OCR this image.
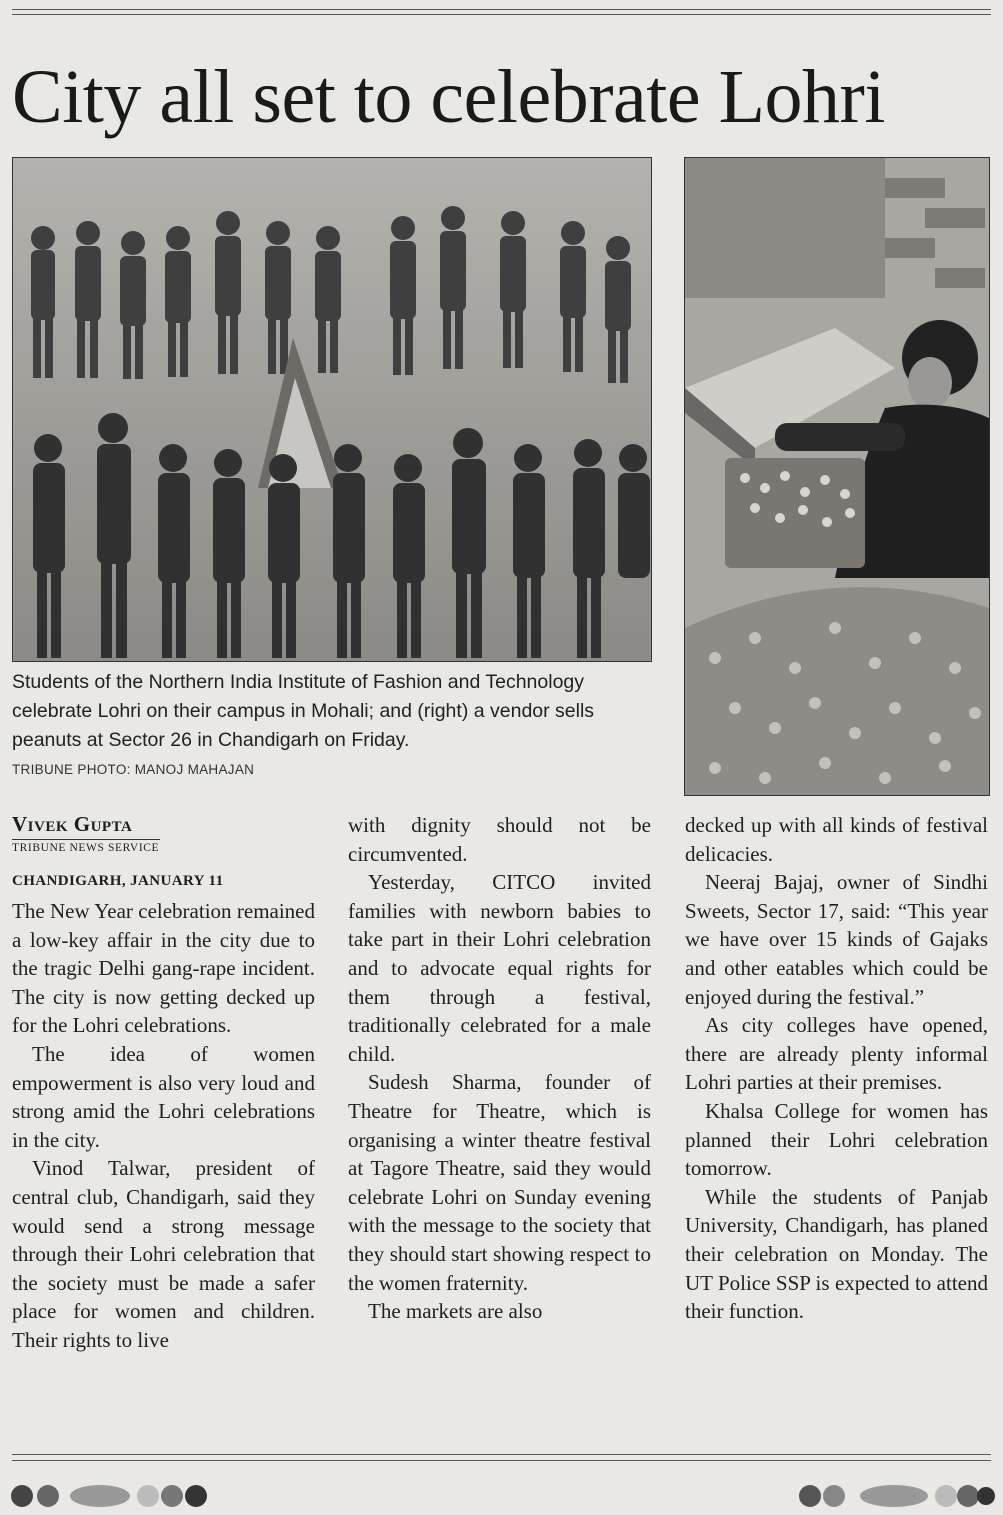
City all set to celebrate Lohri
Students of the Northern India Institute of Fashion and Technology celebrate Lohri on their campus in Mohali; and (right) a vendor sells peanuts at Sector 26 in Chandigarh on Friday.
TRIBUNE PHOTO: MANOJ MAHAJAN
Vivek Gupta
TRIBUNE NEWS SERVICE
CHANDIGARH, JANUARY 11

The New Year celebration remained a low-key affair in the city due to the tragic Delhi gang-rape incident. The city is now getting decked up for the Lohri celebrations.

The idea of women empowerment is also very loud and strong amid the Lohri celebrations in the city.

Vinod Talwar, president of central club, Chandigarh, said they would send a strong message through their Lohri celebration that the society must be made a safer place for women and children. Their rights to live

with dignity should not be circumvented.

Yesterday, CITCO invited families with newborn babies to take part in their Lohri celebration and to advocate equal rights for them through a festival, traditionally celebrated for a male child.

Sudesh Sharma, founder of Theatre for Theatre, which is organising a winter theatre festival at Tagore Theatre, said they would celebrate Lohri on Sunday evening with the message to the society that they should start showing respect to the women fraternity.

The markets are also

decked up with all kinds of festival delicacies.

Neeraj Bajaj, owner of Sindhi Sweets, Sector 17, said: “This year we have over 15 kinds of Gajaks and other eatables which could be enjoyed during the festival.”

As city colleges have opened, there are already plenty informal Lohri parties at their premises.

Khalsa College for women has planned their Lohri celebration tomorrow.

While the students of Panjab University, Chandigarh, has planed their celebration on Monday. The UT Police SSP is expected to attend their function.
